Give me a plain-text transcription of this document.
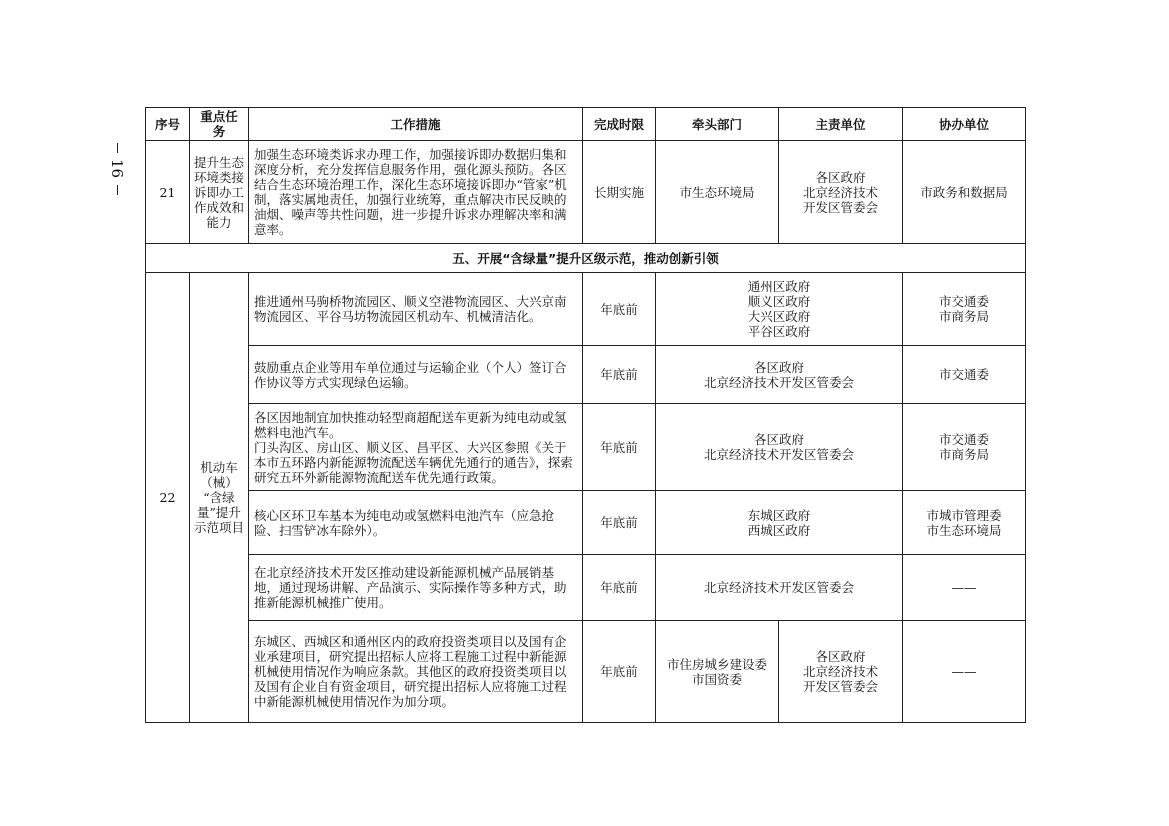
16
序号	重点任务	工作措施	完成时限	牵头部门	主责单位	协办单位
21	提升生态环境类接诉即办工作成效和能力	加强生态环境类诉求办理工作，加强接诉即办数据归集和深度分析，充分发挥信息服务作用，强化源头预防。各区结合生态环境治理工作，深化生态环境接诉即办“管家”机制，落实属地责任，加强行业统筹，重点解决市民反映的油烟、噪声等共性问题，进一步提升诉求办理解决率和满意率。	长期实施	市生态环境局	各区政府
北京经济技术
开发区管委会	市政务和数据局
五、开展“含绿量”提升区级示范，推动创新引领						
22	机动车
（械）
“含绿
量”提升
示范项目	推进通州马驹桥物流园区、顺义空港物流园区、大兴京南物流园区、平谷马坊物流园区机动车、机械清洁化。	年底前	通州区政府
顺义区政府
大兴区政府
平谷区政府		市交通委
市商务局
		鼓励重点企业等用车单位通过与运输企业（个人）签订合作协议等方式实现绿色运输。	年底前	各区政府
北京经济技术开发区管委会		市交通委
		各区因地制宜加快推动轻型商超配送车更新为纯电动或氢燃料电池汽车。
门头沟区、房山区、顺义区、昌平区、大兴区参照《关于本市五环路内新能源物流配送车辆优先通行的通告》，探索研究五环外新能源物流配送车优先通行政策。	年底前	各区政府
北京经济技术开发区管委会		市交通委
市商务局
		核心区环卫车基本为纯电动或氢燃料电池汽车（应急抢险、扫雪铲冰车除外）。	年底前	东城区政府
西城区政府		市城市管理委
市生态环境局
		在北京经济技术开发区推动建设新能源机械产品展销基地，通过现场讲解、产品演示、实际操作等多种方式，助推新能源机械推广使用。	年底前	北京经济技术开发区管委会		——
		东城区、西城区和通州区内的政府投资类项目以及国有企业承建项目，研究提出招标人应将工程施工过程中新能源机械使用情况作为响应条款。其他区的政府投资类项目以及国有企业自有资金项目，研究提出招标人应将施工过程中新能源机械使用情况作为加分项。	年底前	市住房城乡建设委
市国资委	各区政府
北京经济技术
开发区管委会	——
